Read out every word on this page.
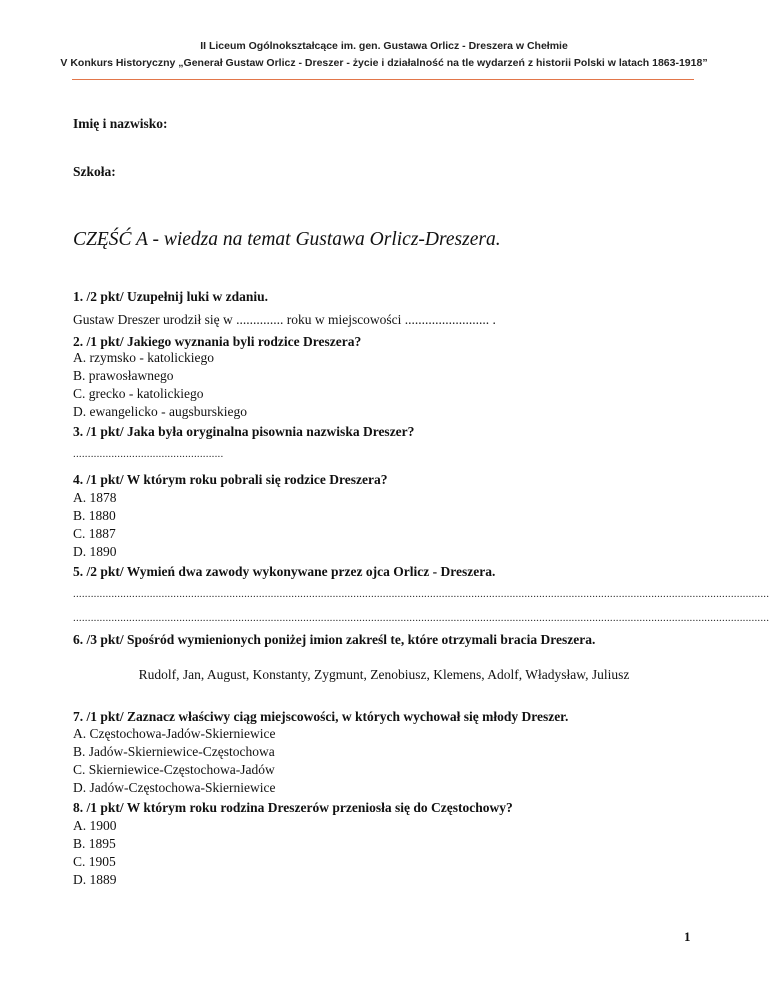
II Liceum Ogólnokształcące im. gen. Gustawa Orlicz - Dreszera w Chełmie
V Konkurs Historyczny „Generał Gustaw Orlicz - Dreszer - życie i działalność na tle wydarzeń z historii Polski w latach 1863-1918”
Imię i nazwisko:
Szkoła:
CZĘŚĆ A - wiedza na temat Gustawa Orlicz-Dreszera.
1. /2 pkt/ Uzupełnij luki w zdaniu.
Gustaw Dreszer urodził się w .............. roku w miejscowości ......................... .
2. /1 pkt/ Jakiego wyznania byli rodzice Dreszera?
A. rzymsko - katolickiego
B. prawosławnego
C. grecko - katolickiego
D. ewangelicko - augsburskiego
3. /1 pkt/ Jaka była oryginalna pisownia nazwiska Dreszer?
...................................................
4. /1 pkt/ W którym roku pobrali się rodzice Dreszera?
A. 1878
B. 1880
C. 1887
D. 1890
5. /2 pkt/ Wymień dwa zawody wykonywane przez ojca Orlicz - Dreszera.
............................................................................................................................................................................................................................................
............................................................................................................................................................................................................................................
6. /3 pkt/ Spośród wymienionych poniżej imion zakreśl te, które otrzymali bracia Dreszera.
Rudolf, Jan, August, Konstanty, Zygmunt, Zenobiusz, Klemens, Adolf, Władysław, Juliusz
7. /1 pkt/ Zaznacz właściwy ciąg miejscowości, w których wychował się młody Dreszer.
A. Częstochowa-Jadów-Skierniewice
B. Jadów-Skierniewice-Częstochowa
C. Skierniewice-Częstochowa-Jadów
D. Jadów-Częstochowa-Skierniewice
8. /1 pkt/ W którym roku rodzina Dreszerów przeniosła się do Częstochowy?
A. 1900
B. 1895
C. 1905
D. 1889
1
